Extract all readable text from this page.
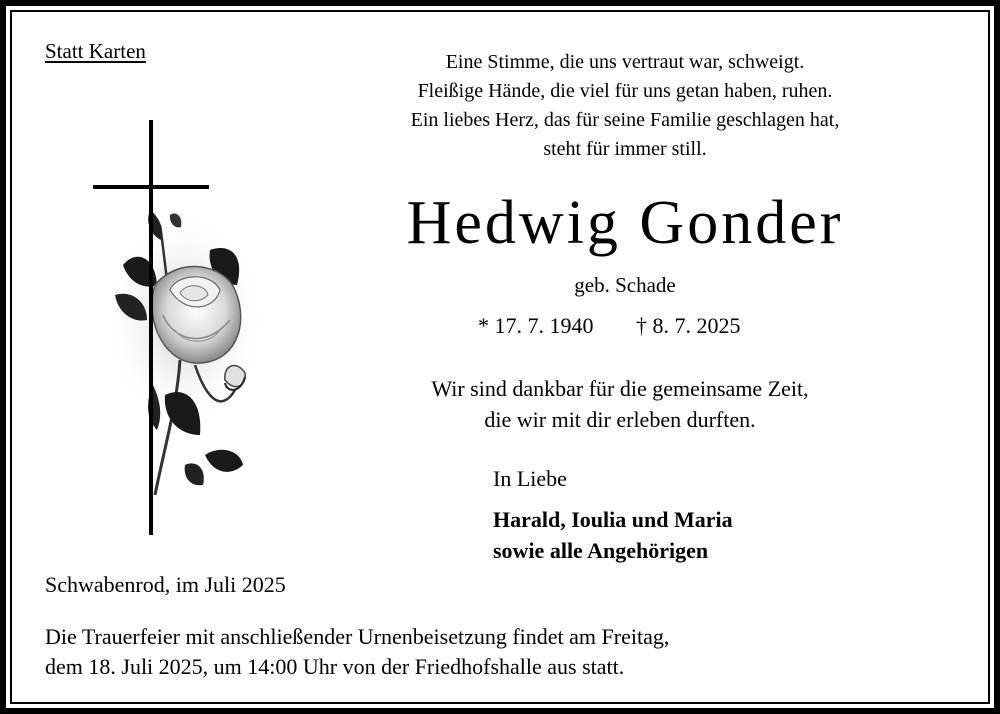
Statt Karten	Eine Stimme, die uns vertraut war, schweigt.
Fleißige Hände, die viel für uns getan haben, ruhen.
Ein liebes Herz, das für seine Familie geschlagen hat,
steht für immer still.
Hedwig Gonder
geb. Schade
* 17. 7. 1940 † 8. 7. 2025
Wir sind dankbar für die gemeinsame Zeit,
die wir mit dir erleben durften.
In Liebe
Harald, Ioulia und Maria
sowie alle Angehörigen
Schwabenrod, im Juli 2025
Die Trauerfeier mit anschließender Urnenbeisetzung findet am Freitag,
dem 18. Juli 2025, um 14:00 Uhr von der Friedhofshalle aus statt.
